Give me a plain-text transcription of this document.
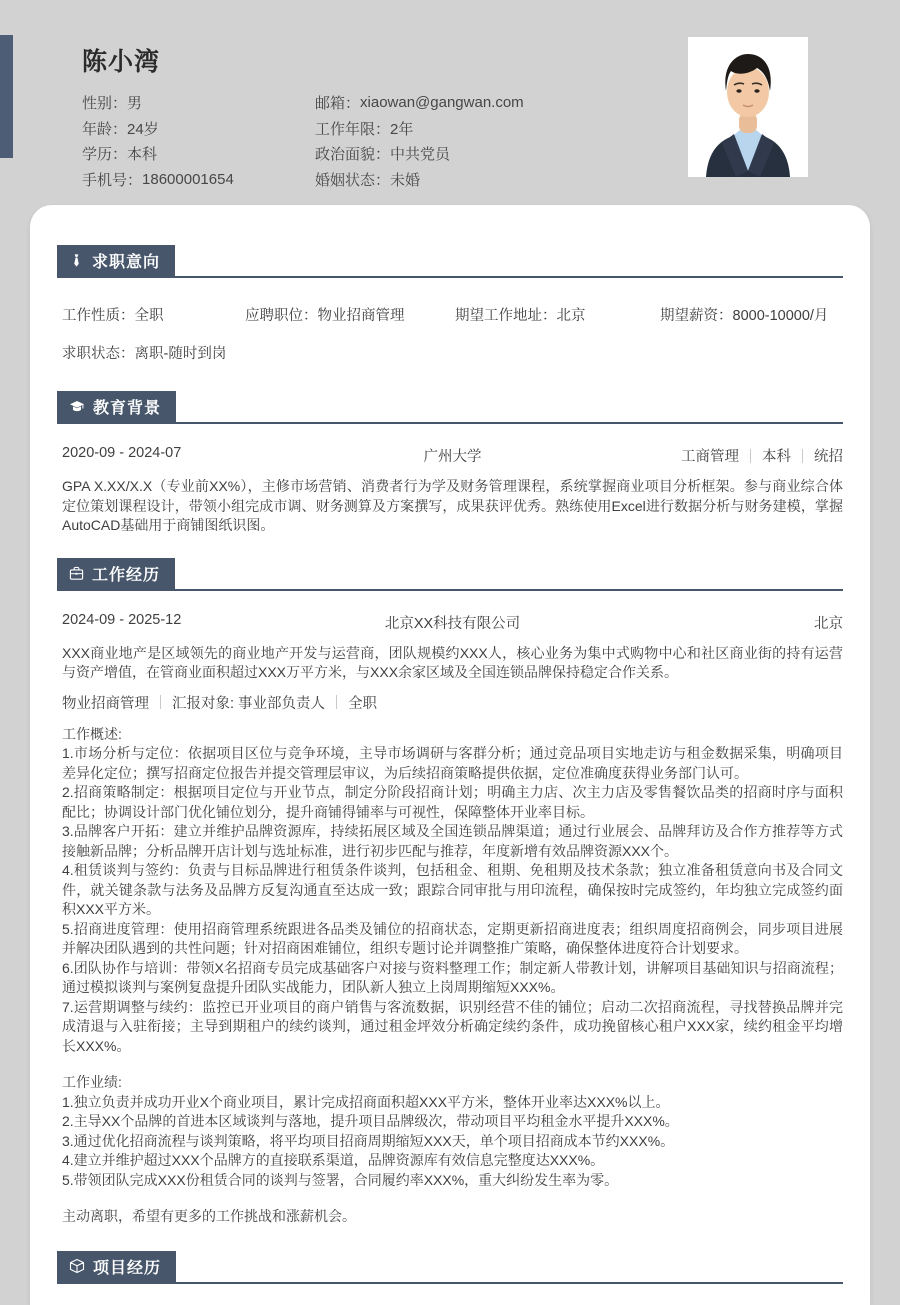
陈小湾
性别： 男
年龄： 24岁
学历： 本科
手机号： 18600001654
邮箱： xiaowan@gangwan.com
工作年限： 2年
政治面貌： 中共党员
婚姻状态： 未婚
求职意向
工作性质： 全职	应聘职位： 物业招商管理	期望工作地址： 北京	期望薪资： 8000-10000/月
求职状态：离职-随时到岗
教育背景
2020-09 - 2024-07	广州大学	工商管理 本科 统招

GPA X.XX/X.X（专业前XX%），主修市场营销、消费者行为学及财务管理课程，系统掌握商业项目分析框架。参与商业综合体定位策划课程设计，带领小组完成市调、财务测算及方案撰写，成果获评优秀。熟练使用Excel进行数据分析与财务建模，掌握AutoCAD基础用于商铺图纸识图。

工作经历
2024-09 - 2025-12	北京XX科技有限公司	北京

XXX商业地产是区域领先的商业地产开发与运营商，团队规模约XXX人，核心业务为集中式购物中心和社区商业街的持有运营与资产增值，在管商业面积超过XXX万平方米，与XXX余家区域及全国连锁品牌保持稳定合作关系。

物业招商管理 汇报对象: 事业部负责人 全职
工作概述:
1.市场分析与定位：依据项目区位与竞争环境，主导市场调研与客群分析；通过竞品项目实地走访与租金数据采集，明确项目差异化定位；撰写招商定位报告并提交管理层审议，为后续招商策略提供依据，定位准确度获得业务部门认可。
2.招商策略制定：根据项目定位与开业节点，制定分阶段招商计划；明确主力店、次主力店及零售餐饮品类的招商时序与面积配比；协调设计部门优化铺位划分，提升商铺得铺率与可视性，保障整体开业率目标。
3.品牌客户开拓：建立并维护品牌资源库，持续拓展区域及全国连锁品牌渠道；通过行业展会、品牌拜访及合作方推荐等方式接触新品牌；分析品牌开店计划与选址标准，进行初步匹配与推荐，年度新增有效品牌资源XXX个。
4.租赁谈判与签约：负责与目标品牌进行租赁条件谈判，包括租金、租期、免租期及技术条款；独立准备租赁意向书及合同文件，就关键条款与法务及品牌方反复沟通直至达成一致；跟踪合同审批与用印流程，确保按时完成签约，年均独立完成签约面积XXX平方米。
5.招商进度管理：使用招商管理系统跟进各品类及铺位的招商状态，定期更新招商进度表；组织周度招商例会，同步项目进展并解决团队遇到的共性问题；针对招商困难铺位，组织专题讨论并调整推广策略，确保整体进度符合计划要求。
6.团队协作与培训：带领X名招商专员完成基础客户对接与资料整理工作；制定新人带教计划，讲解项目基础知识与招商流程；通过模拟谈判与案例复盘提升团队实战能力，团队新人独立上岗周期缩短XXX%。
7.运营期调整与续约：监控已开业项目的商户销售与客流数据，识别经营不佳的铺位；启动二次招商流程，寻找替换品牌并完成清退与入驻衔接；主导到期租户的续约谈判，通过租金坪效分析确定续约条件，成功挽留核心租户XXX家，续约租金平均增长XXX%。
工作业绩:
1.独立负责并成功开业X个商业项目，累计完成招商面积超XXX平方米，整体开业率达XXX%以上。
2.主导XX个品牌的首进本区域谈判与落地，提升项目品牌级次，带动项目平均租金水平提升XXX%。
3.通过优化招商流程与谈判策略，将平均项目招商周期缩短XXX天，单个项目招商成本节约XXX%。
4.建立并维护超过XXX个品牌方的直接联系渠道，品牌资源库有效信息完整度达XXX%。
5.带领团队完成XXX份租赁合同的谈判与签署，合同履约率XXX%，重大纠纷发生率为零。
主动离职，希望有更多的工作挑战和涨薪机会。
项目经历
